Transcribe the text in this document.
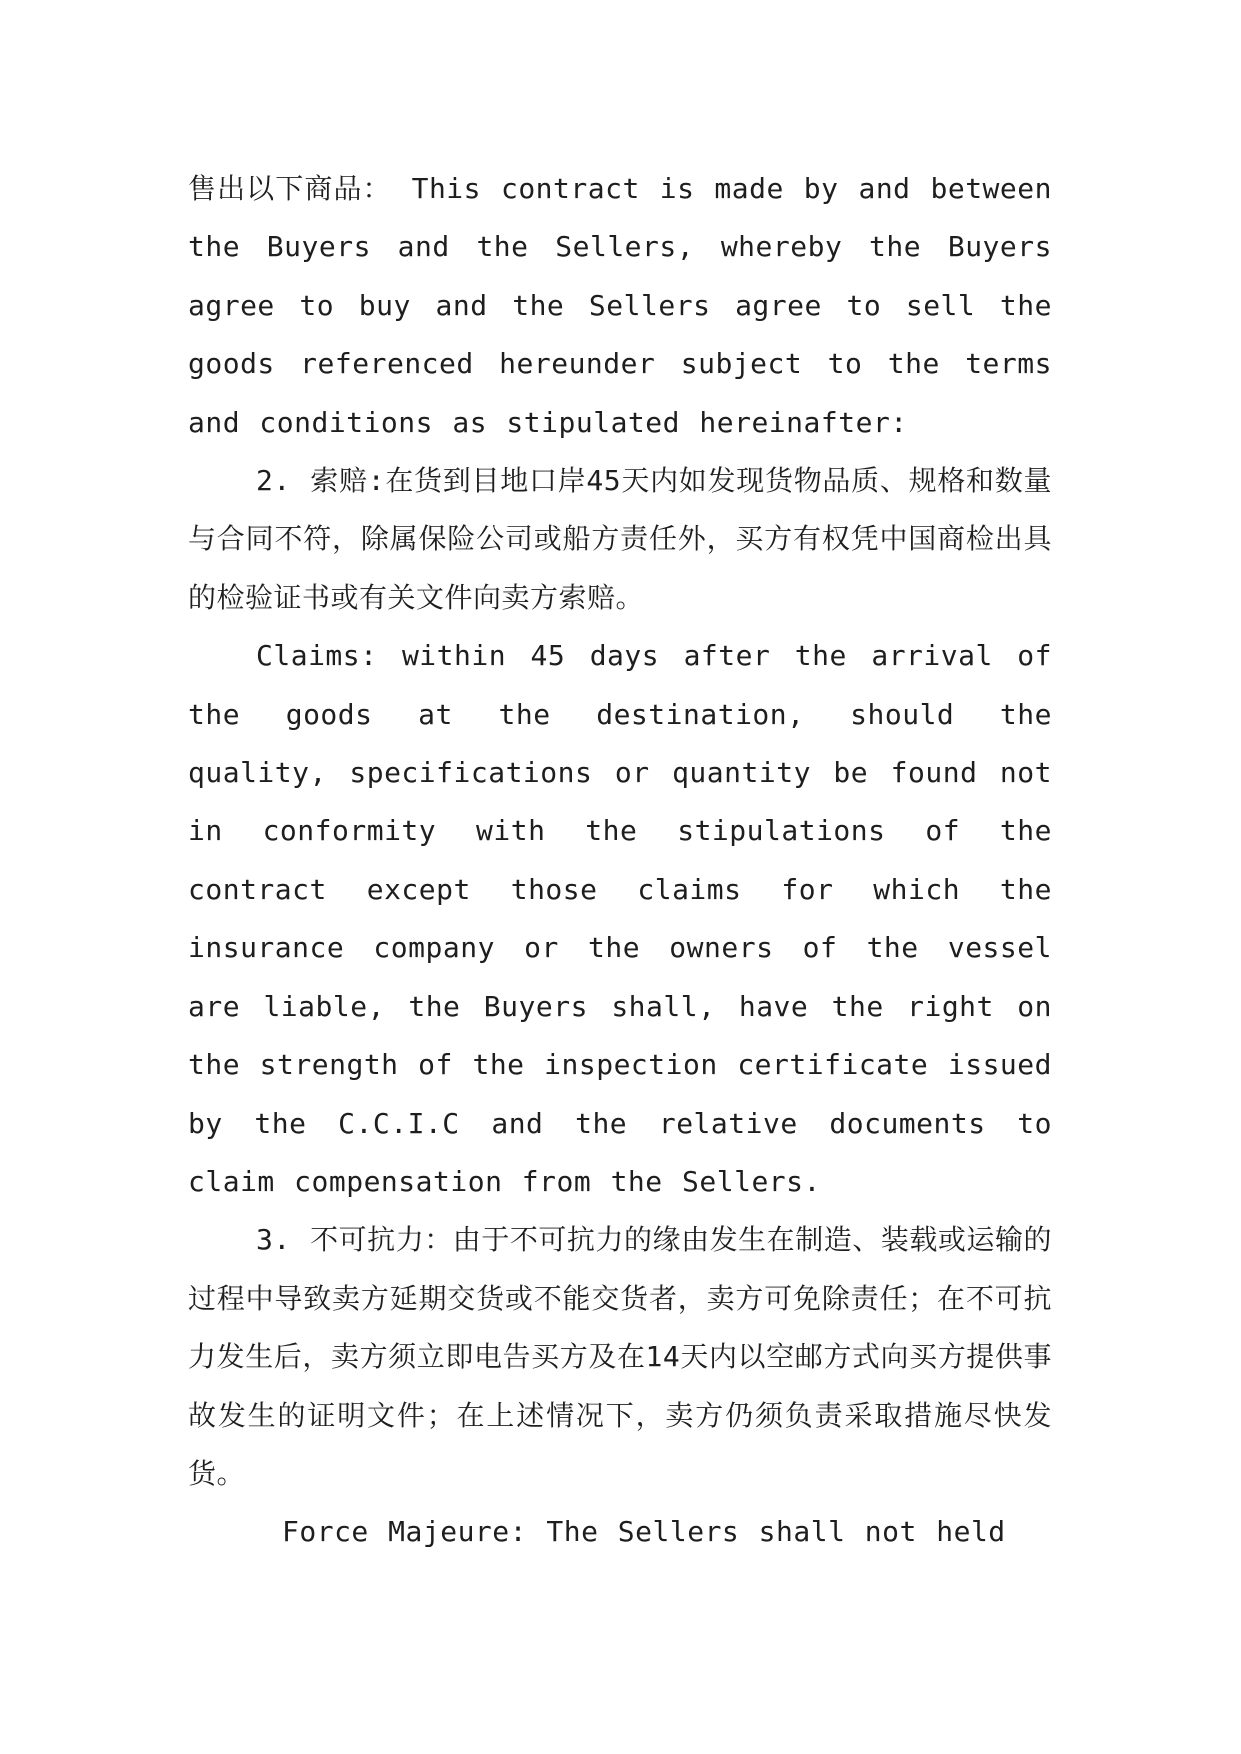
售出以下商品： This contract is made by and between the Buyers and the Sellers, whereby the Buyers agree to buy and the Sellers agree to sell the goods referenced hereunder subject to the terms and conditions as stipulated hereinafter:

2. 索赔:在货到目地口岸45天内如发现货物品质、规格和数量与合同不符，除属保险公司或船方责任外，买方有权凭中国商检出具的检验证书或有关文件向卖方索赔。

Claims: within 45 days after the arrival of the goods at the destination, should the quality, specifications or quantity be found not in conformity with the stipulations of the contract except those claims for which the insurance company or the owners of the vessel are liable, the Buyers shall, have the right on the strength of the inspection certificate issued by the C.C.I.C and the relative documents to claim compensation from the Sellers.

3. 不可抗力：由于不可抗力的缘由发生在制造、装载或运输的过程中导致卖方延期交货或不能交货者，卖方可免除责任；在不可抗力发生后，卖方须立即电告买方及在14天内以空邮方式向买方提供事故发生的证明文件；在上述情况下，卖方仍须负责采取措施尽快发货。

Force Majeure: The Sellers shall not held
